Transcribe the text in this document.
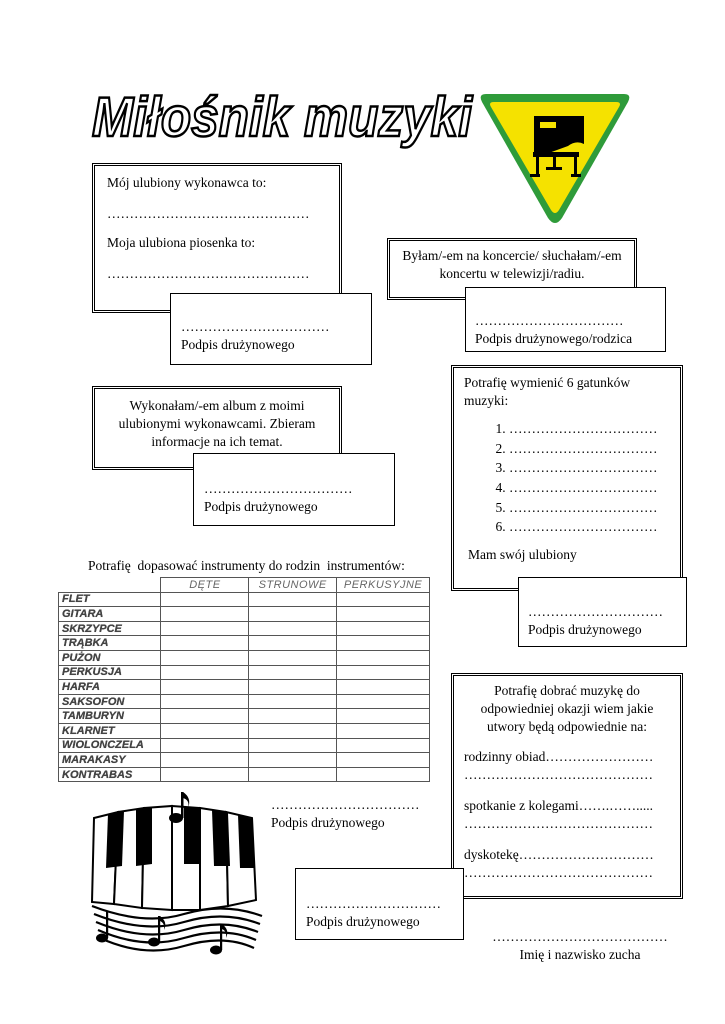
Miłośnik muzyki
Mój ulubiony wykonawca to:
………………………………………
Moja ulubiona piosenka to:
………………………………………
……………………………
Podpis drużynowego
Byłam/-em na koncercie/ słuchałam/-em koncertu w telewizji/radiu.
……………………………
Podpis drużynowego/rodzica
Wykonałam/-em album z moimi ulubionymi wykonawcami. Zbieram informacje na ich temat.
……………………………
Podpis drużynowego
Potrafię wymienić 6 gatunków muzyki:
1. ……………………………
2. ……………………………
3. ……………………………
4. ……………………………
5. ……………………………
6. ……………………………
Mam swój ulubiony
…………………………
Podpis drużynowego
Potrafię  dopasować instrumenty do rodzin  instrumentów:
	DĘTE	STRUNOWE	PERKUSYJNE
FLET			
GITARA			
SKRZYPCE			
TRĄBKA			
PUŻON			
PERKUSJA			
HARFA			
SAKSOFON			
TAMBURYN			
KLARNET			
WIOLONCZELA			
MARAKASY			
KONTRABAS			
……………………………
Podpis drużynowego
Potrafię dobrać muzykę do odpowiedniej okazji wiem jakie utwory będą odpowiednie na:
rodzinny obiad……………………
……………………………………
spotkanie z kolegami…….…….....
……………………………………
dyskotekę…………………………
……………………………………
…………………………
Podpis drużynowego
…………………………………
Imię i nazwisko zucha
